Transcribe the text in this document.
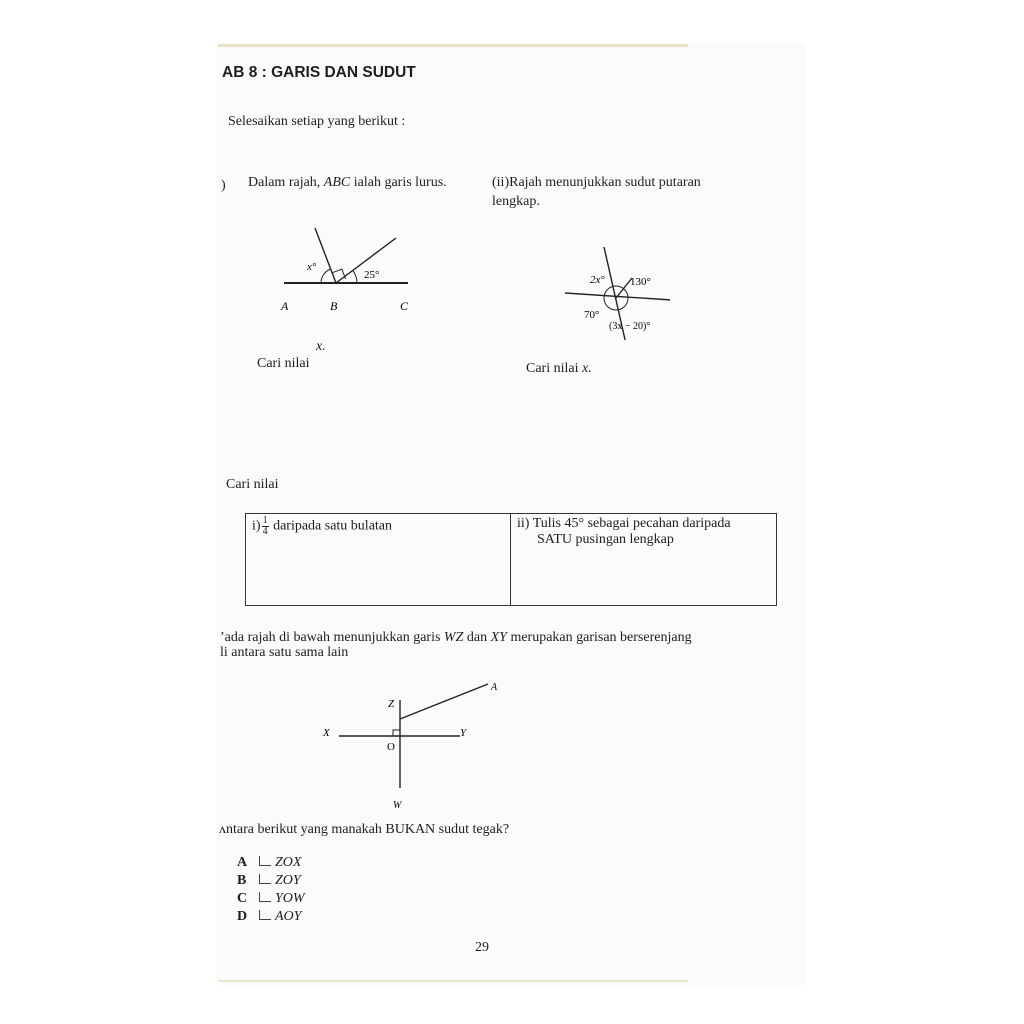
AB 8 : GARIS DAN SUDUT
Selesaikan setiap yang berikut :
) Dalam rajah, ABC ialah garis lurus.
x°
25°
A	B	C
x.
Cari nilai
(ii)Rajah menunjukkan sudut putaran
lengkap.
2x° 130°
70°
(3x − 20)°
Cari nilai x.
Cari nilai
$i) \frac{1}{4}$ daripada satu bulatan	ii) Tulis 45° sebagai pecahan daripada
SATU pusingan lengkap
ʼada rajah di bawah menunjukkan garis WZ dan XY merupakan garisan berserenjang
li antara satu sama lain
A
Z
X	Y
O
W
ʌntara berikut yang manakah BUKAN sudut tegak?
A ZOX
B ZOY
C YOW
D AOY
29
